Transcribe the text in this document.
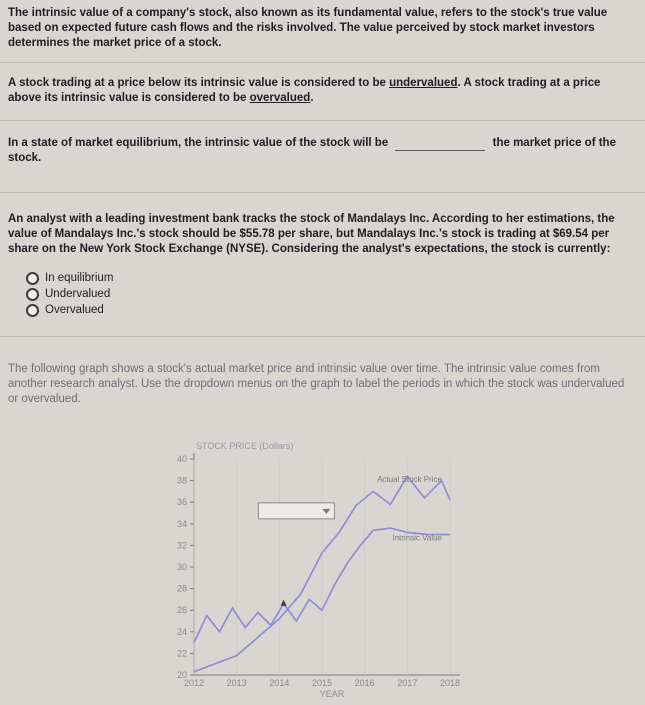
The intrinsic value of a company's stock, also known as its fundamental value, refers to the stock's true value based on expected future cash flows and the risks involved. The value perceived by stock market investors determines the market price of a stock.
A stock trading at a price below its intrinsic value is considered to be undervalued. A stock trading at a price above its intrinsic value is considered to be overvalued.
In a state of market equilibrium, the intrinsic value of the stock will be	the market price of the stock.
An analyst with a leading investment bank tracks the stock of Mandalays Inc. According to her estimations, the value of Mandalays Inc.'s stock should be $55.78 per share, but Mandalays Inc.'s stock is trading at $69.54 per share on the New York Stock Exchange (NYSE). Considering the analyst's expectations, the stock is currently:
In equilibrium
Undervalued
Overvalued
The following graph shows a stock's actual market price and intrinsic value over time. The intrinsic value comes from another research analyst. Use the dropdown menus on the graph to label the periods in which the stock was undervalued or overvalued.
STOCK PRICE (Dollars)
20
22
24
26
28
30
32
34
36
38
40
2012	2013	2014	2015	2016	2017	2018
YEAR
Actual Stock Price
Intrinsic Value
